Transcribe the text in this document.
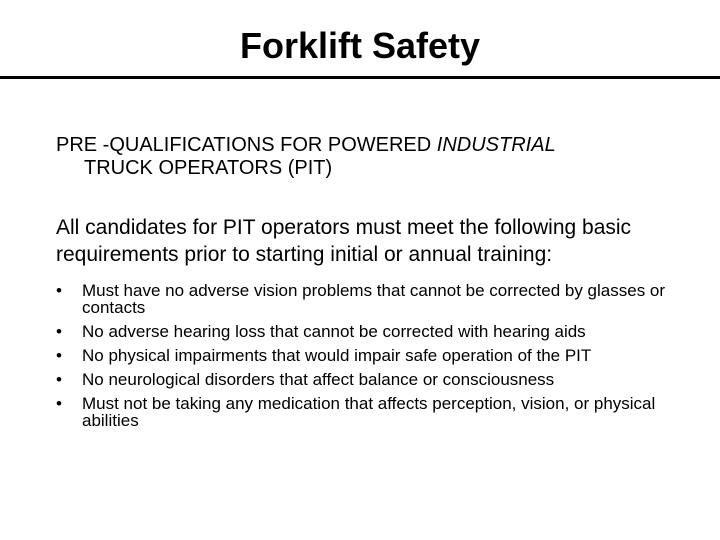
Forklift Safety

PRE -QUALIFICATIONS FOR POWERED INDUSTRIAL
TRUCK OPERATORS (PIT)

All candidates for PIT operators must meet the following basic requirements prior to starting initial or annual training:

• Must have no adverse vision problems that cannot be corrected by glasses or contacts
• No adverse hearing loss that cannot be corrected with hearing aids
• No physical impairments that would impair safe operation of the PIT
• No neurological disorders that affect balance or consciousness
• Must not be taking any medication that affects perception, vision, or physical abilities
